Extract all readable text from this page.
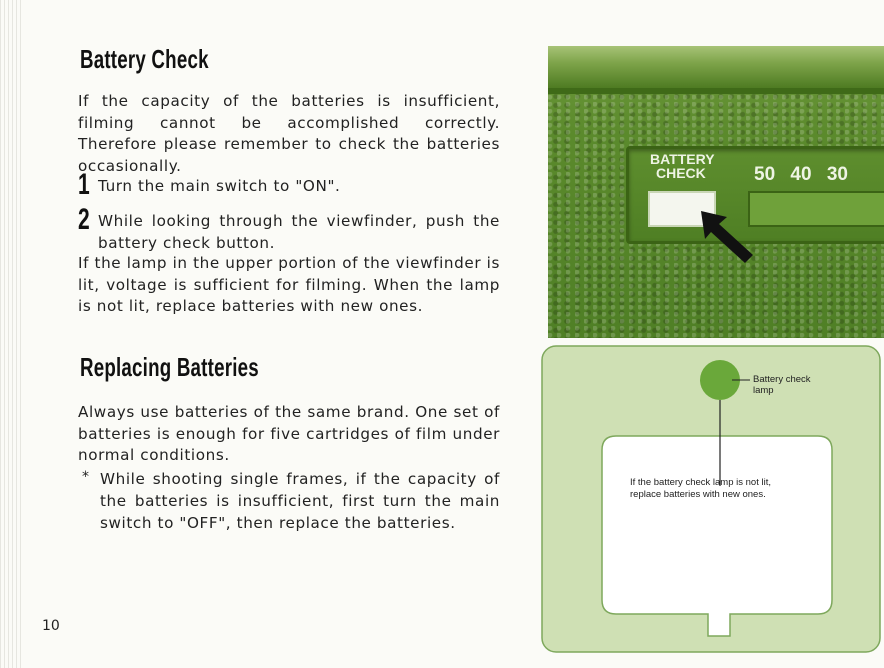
Battery Check
If the capacity of the batteries is insufficient, filming cannot be accomplished correctly. Therefore please remember to check the batteries occasionally.
1 Turn the main switch to "ON".
2 While looking through the viewfinder, push the battery check button.
If the lamp in the upper portion of the viewfinder is lit, voltage is sufficient for filming. When the lamp is not lit, replace batteries with new ones.
Replacing Batteries
Always use batteries of the same brand. One set of batteries is enough for five cartridges of film under normal conditions.
* While shooting single frames, if the capacity of the batteries is insufficient, first turn the main switch to "OFF", then replace the batteries.
10
BATTERY
CHECK	50 40 30
Battery check
lamp
If the battery check lamp is not lit,
replace batteries with new ones.
